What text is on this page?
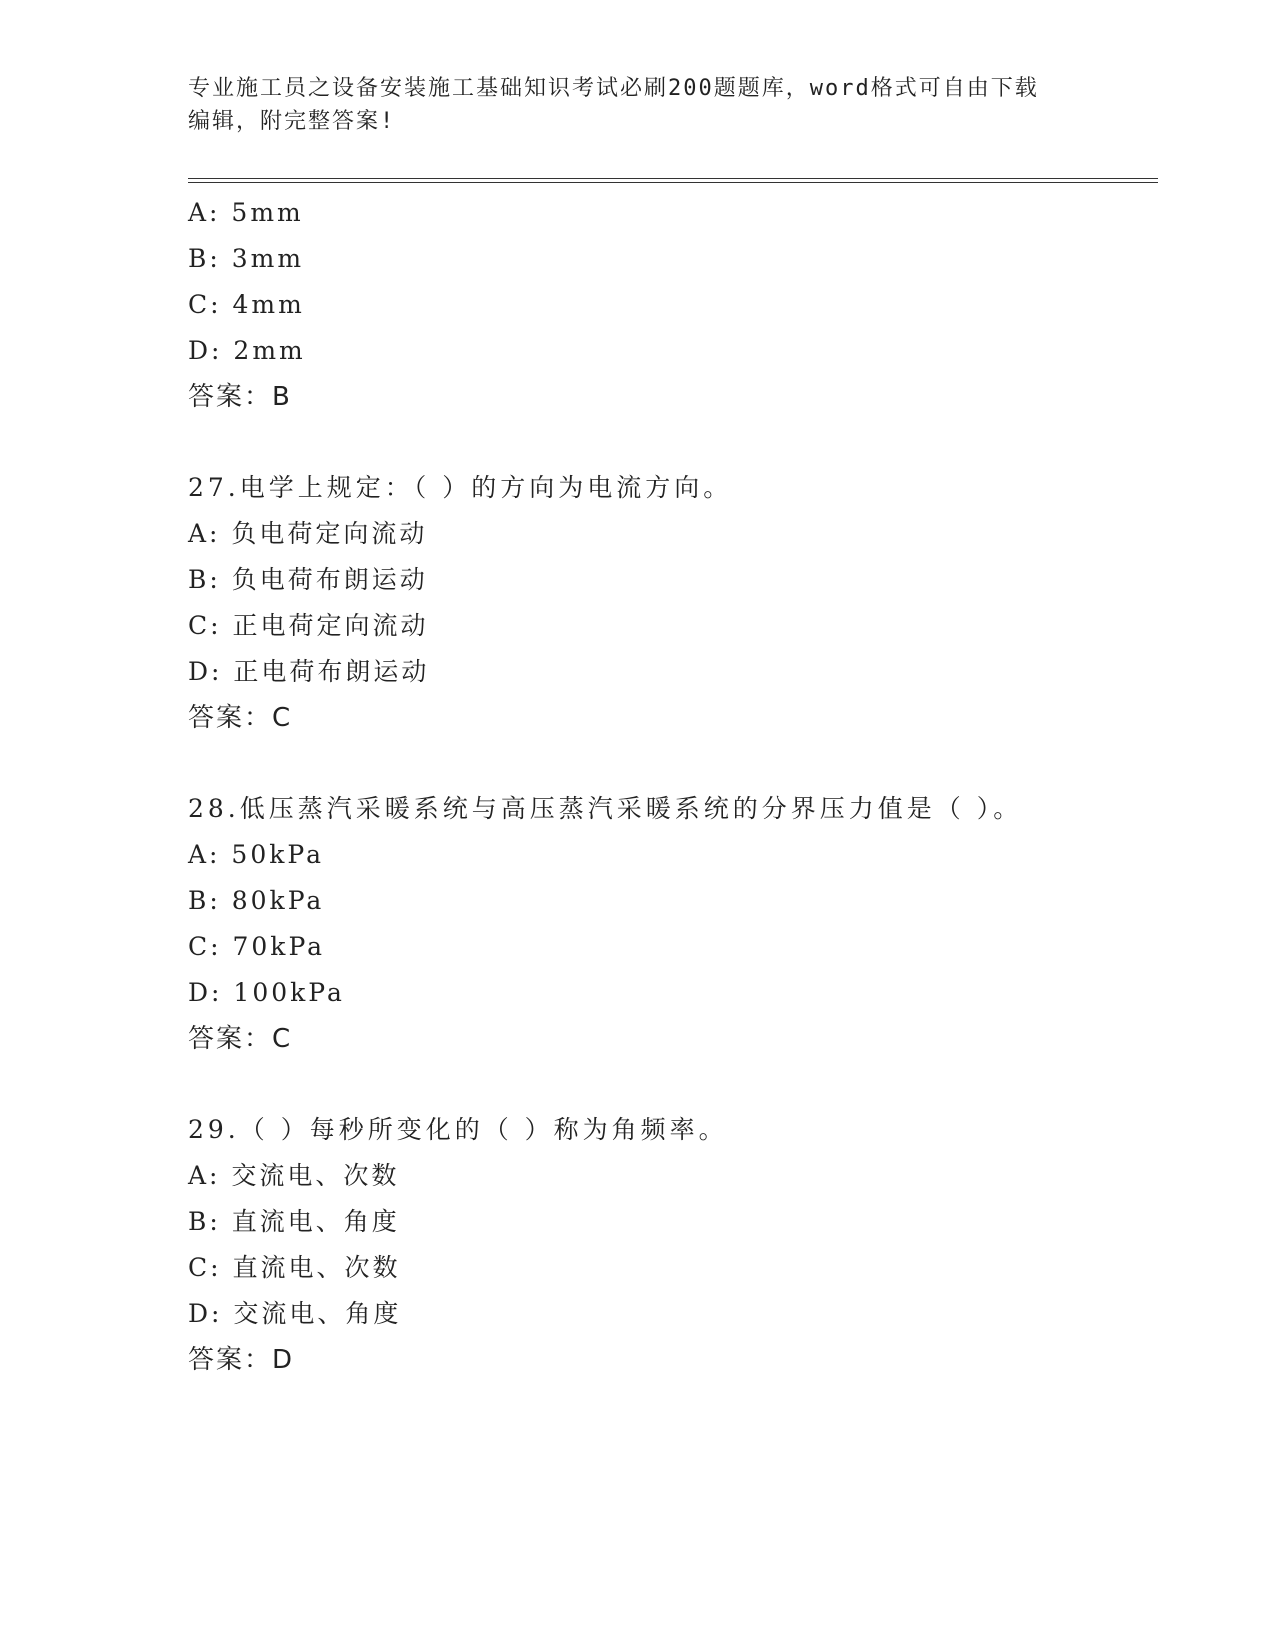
专业施工员之设备安装施工基础知识考试必刷200题题库，word格式可自由下载
编辑，附完整答案!
A: 5mm
B: 3mm
C: 4mm
D: 2mm
答案：B
27.电学上规定：（ ）的方向为电流方向。
A: 负电荷定向流动
B: 负电荷布朗运动
C: 正电荷定向流动
D: 正电荷布朗运动
答案：C
28.低压蒸汽采暖系统与高压蒸汽采暖系统的分界压力值是（ ）。
A: 50kPa
B: 80kPa
C: 70kPa
D: 100kPa
答案：C
29.（ ）每秒所变化的（ ）称为角频率。
A: 交流电、次数
B: 直流电、角度
C: 直流电、次数
D: 交流电、角度
答案：D
